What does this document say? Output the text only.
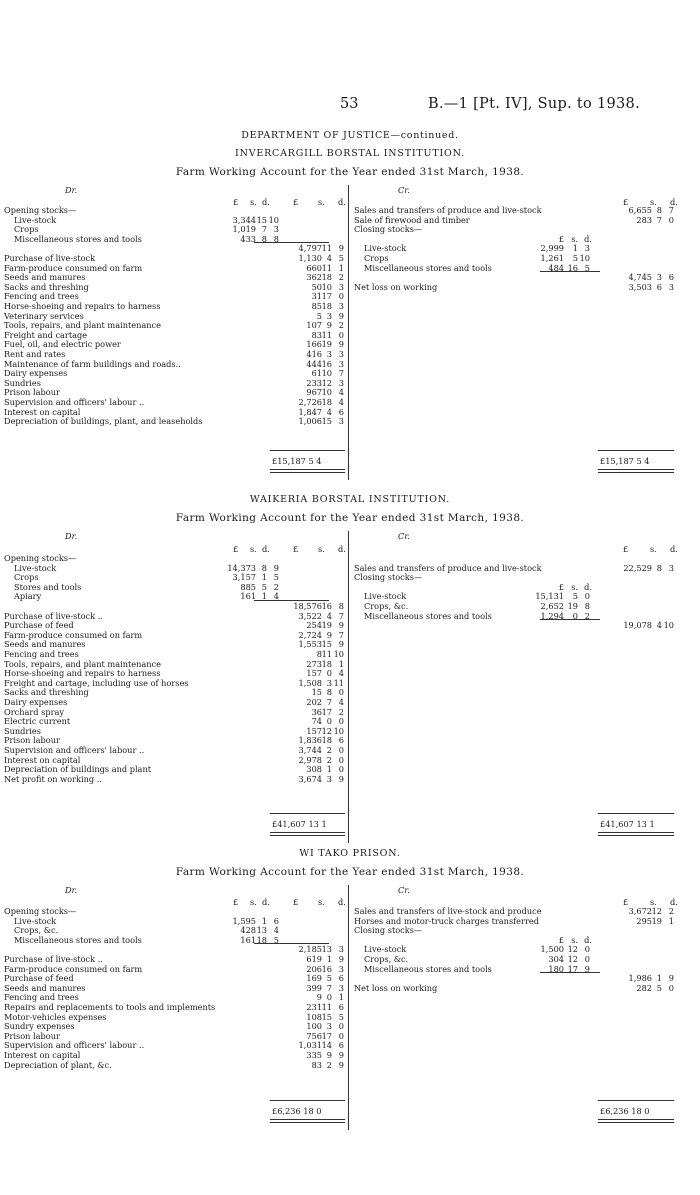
53	B.—1 [Pt. IV], Sup. to 1938.
DEPARTMENT OF JUSTICE—continued.
INVERCARGILL BORSTAL INSTITUTION.
Farm Working Account for the Year ended 31st March, 1938.
Dr.	Cr.
£ s. d.	£ s. d.	£	s. d.
Opening stocks—
Live-stock	3,344 15 10
Crops	1,019 7 3
Miscellaneous stores and tools	433 8 8
4,797 11 9
Purchase of live-stock	1,130 4 5
Farm-produce consumed on farm	660 11 1
Seeds and manures	362 18 2
Sacks and threshing	50 10 3
Fencing and trees	31 17 0
Horse-shoeing and repairs to harness	85 18 3
Veterinary services	5 3 9
Tools, repairs, and plant maintenance	107 9 2
Freight and cartage	83 11 0
Fuel, oil, and electric power	166 19 9
Rent and rates	416 3 3
Maintenance of farm buildings and roads..	444 16 3
Dairy expenses	61 10 7
Sundries	233 12 3
Prison labour	967 10 4
Supervision and officers' labour ..	2,726 18 4
Interest on capital	1,847 4 6
Depreciation of buildings, plant, and leaseholds	1,006 15 3
Sales and transfers of produce and live-stock	6,655 8 7
Sale of firewood and timber	283 7 0
Closing stocks—
£ s. d.
Live-stock	2,999 1 3
Crops	1,261 5 10
Miscellaneous stores and tools	484 16 5
4,745 3 6
Net loss on working	3,503 6 3
£15,187 5 4	£15,187 5 4
WAIKERIA BORSTAL INSTITUTION.
Farm Working Account for the Year ended 31st March, 1938.
Dr.	Cr.
£ s. d.	£ s. d.	£	s. d.
Opening stocks—
Live-stock	14,373 8 9
Crops	3,157 1 5
Stores and tools	885 5 2
Apiary	161 1 4
18,576 16 8
Purchase of live-stock ..	3,522 4 7
Purchase of feed	254 19 9
Farm-produce consumed on farm	2,724 9 7
Seeds and manures	1,553 15 9
Fencing and trees	8 11 10
Tools, repairs, and plant maintenance	273 18 1
Horse-shoeing and repairs to harness	157 0 4
Freight and cartage, including use of horses	1,508 3 11
Sacks and threshing	15 8 0
Dairy expenses	202 7 4
Orchard spray	36 17 2
Electric current	74 0 0
Sundries	157 12 10
Prison labour	1,836 18 6
Supervision and officers' labour ..	3,744 2 0
Interest on capital	2,978 2 0
Depreciation of buildings and plant	308 1 0
Net profit on working ..	3,674 3 9
Sales and transfers of produce and live-stock	22,529 8 3
Closing stocks—
£ s. d.
Live-stock	15,131 5 0
Crops, &c.	2,652 19 8
Miscellaneous stores and tools	1,294 0 2
19,078 4 10
£41,607 13 1	£41,607 13 1
WI TAKO PRISON.
Farm Working Account for the Year ended 31st March, 1938.
Dr.	Cr.
£ s. d.	£ s. d.	£	s. d.
Opening stocks—
Live-stock	1,595 1 6
Crops, &c.	428 13 4
Miscellaneous stores and tools	161 18 5
2,185 13 3
Purchase of live-stock ..	619 1 9
Farm-produce consumed on farm	206 16 3
Purchase of feed	169 5 6
Seeds and manures	399 7 3
Fencing and trees	9 0 1
Repairs and replacements to tools and implements	231 11 6
Motor-vehicles expenses	108 15 5
Sundry expenses	100 3 0
Prison labour	756 17 0
Supervision and officers' labour ..	1,031 14 6
Interest on capital	335 9 9
Depreciation of plant, &c.	83 2 9
Sales and transfers of live-stock and produce	3,672 12 2
Horses and motor-truck charges transferred	295 19 1
Closing stocks—
£ s. d.
Live-stock	1,500 12 0
Crops, &c.	304 12 0
Miscellaneous stores and tools	180 17 9
1,986 1 9
Net loss on working	282 5 0
£6,236 18 0	£6,236 18 0
